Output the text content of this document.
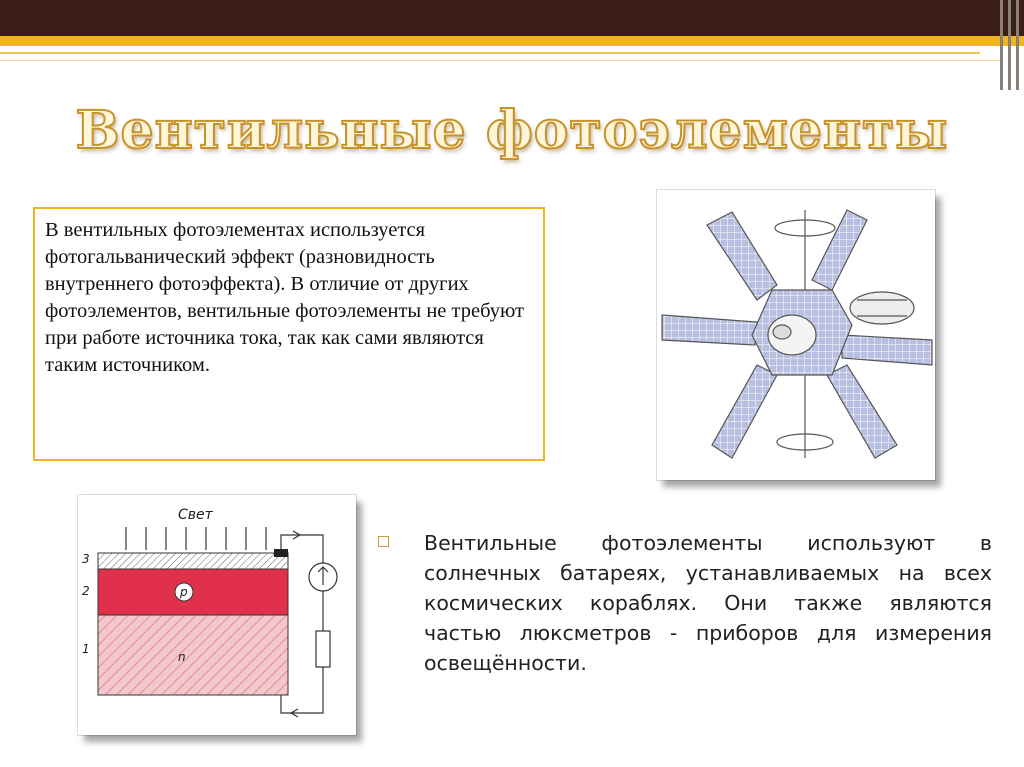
Вентильные фотоэлементы
В вентильных фотоэлементах используется фотогальванический эффект (разновидность внутреннего фотоэффекта). В отличие от других фотоэлементов, вентильные фотоэлементы не требуют при работе источника тока, так как сами являются таким источником.
Свет
p
n
3
2
1
Вентильные фотоэлементы используют в солнечных батареях, устанавливаемых на всех космических кораблях. Они также являются частью люксметров - приборов для измерения освещённости.
